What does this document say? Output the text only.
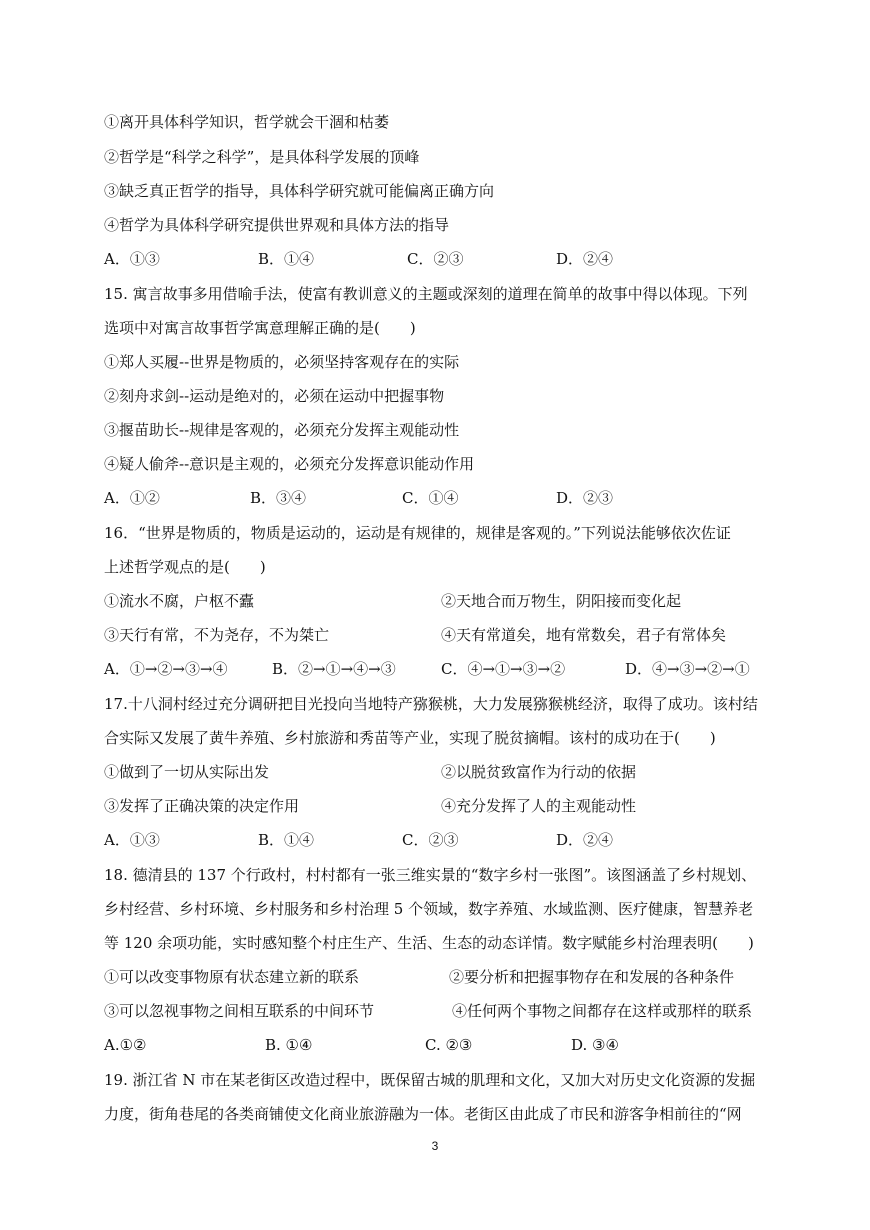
①离开具体科学知识，哲学就会干涸和枯萎
②哲学是“科学之科学”，是具体科学发展的顶峰
③缺乏真正哲学的指导，具体科学研究就可能偏离正确方向
④哲学为具体科学研究提供世界观和具体方法的指导
A．①③	B．①④	C．②③	D．②④
15. 寓言故事多用借喻手法，使富有教训意义的主题或深刻的道理在简单的故事中得以体现。下列
选项中对寓言故事哲学寓意理解正确的是(　　)
①郑人买履--世界是物质的，必须坚持客观存在的实际
②刻舟求剑--运动是绝对的，必须在运动中把握事物
③揠苗助长--规律是客观的，必须充分发挥主观能动性
④疑人偷斧--意识是主观的，必须充分发挥意识能动作用
A．①②	B．③④	C．①④	D．②③
16．“世界是物质的，物质是运动的，运动是有规律的，规律是客观的。”下列说法能够依次佐证
上述哲学观点的是(　　)
①流水不腐，户枢不蠹	②天地合而万物生，阴阳接而变化起
③天行有常，不为尧存，不为桀亡	④天有常道矣，地有常数矣，君子有常体矣
A．①→②→③→④	B．②→①→④→③	C．④→①→③→②	D．④→③→②→①
17.十八洞村经过充分调研把目光投向当地特产猕猴桃，大力发展猕猴桃经济，取得了成功。该村结
合实际又发展了黄牛养殖、乡村旅游和秀苗等产业，实现了脱贫摘帽。该村的成功在于(　　)
①做到了一切从实际出发	②以脱贫致富作为行动的依据
③发挥了正确决策的决定作用	④充分发挥了人的主观能动性
A．①③	B．①④	C．②③	D．②④
18. 德清县的 137 个行政村，村村都有一张三维实景的“数字乡村一张图”。该图涵盖了乡村规划、
乡村经营、乡村环境、乡村服务和乡村治理 5 个领域，数字养殖、水域监测、医疗健康，智慧养老
等 120 余项功能，实时感知整个村庄生产、生活、生态的动态详情。数字赋能乡村治理表明(　　)
①可以改变事物原有状态建立新的联系	②要分析和把握事物存在和发展的各种条件
③可以忽视事物之间相互联系的中间环节	④任何两个事物之间都存在这样或那样的联系
A.①②	B. ①④	C. ②③	D. ③④
19. 浙江省 N 市在某老街区改造过程中，既保留古城的肌理和文化，又加大对历史文化资源的发掘
力度，街角巷尾的各类商铺使文化商业旅游融为一体。老街区由此成了市民和游客争相前往的“网
3
